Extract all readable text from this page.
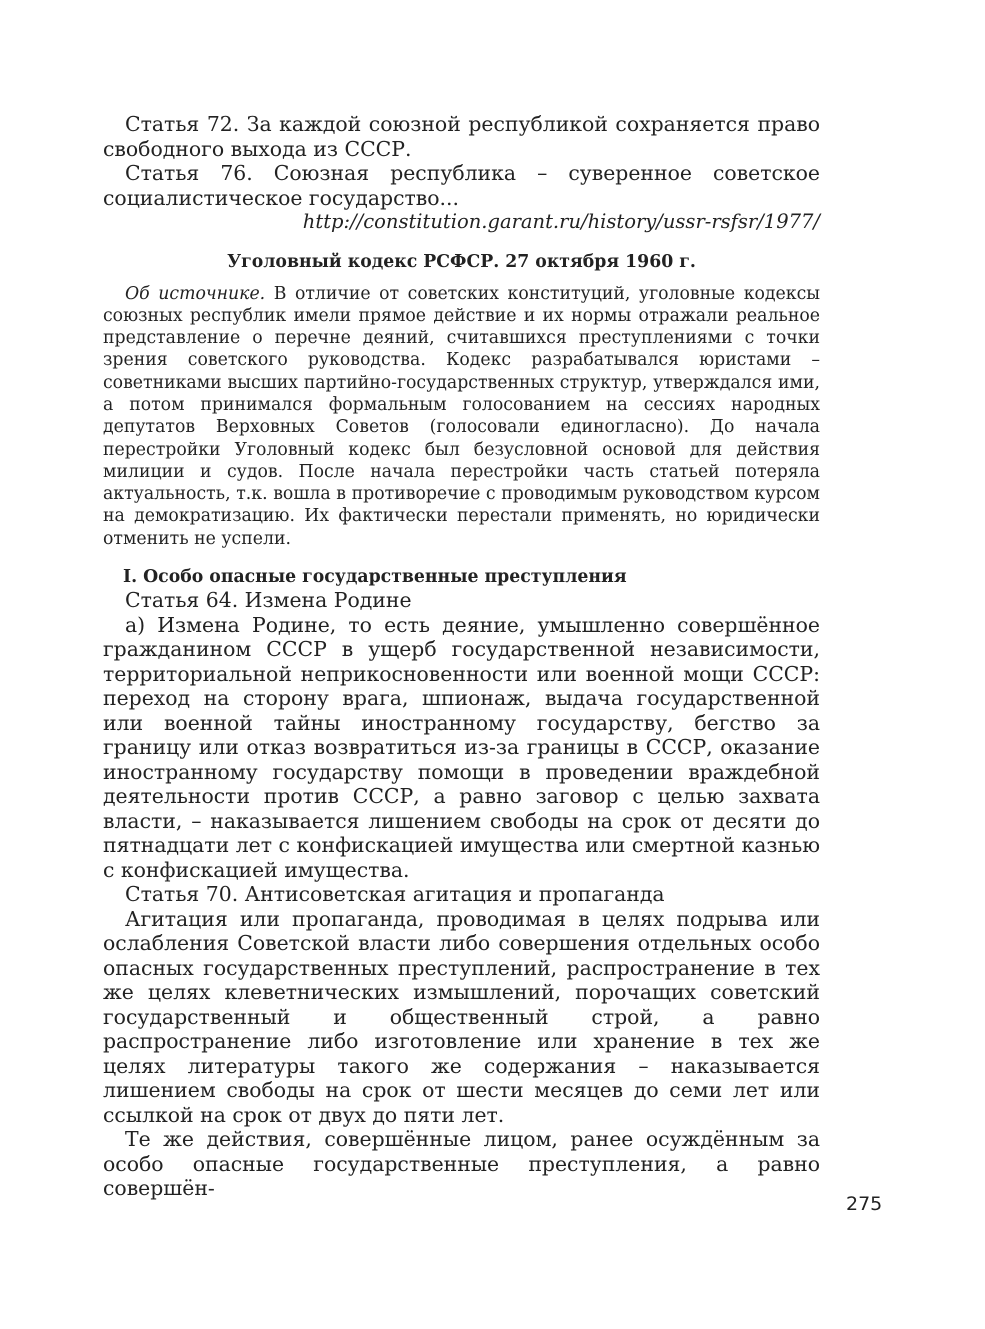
Статья 72. За каждой союзной республикой сохраняется право свободного выхода из СССР.

Статья 76. Союзная республика – суверенное советское социалистическое государство...

http://constitution.garant.ru/history/ussr-rsfsr/1977/

Уголовный кодекс РСФСР. 27 октября 1960 г.

Об источнике. В отличие от советских конституций, уголовные кодексы союзных республик имели прямое действие и их нормы отражали реальное представление о перечне деяний, считавшихся преступлениями с точки зрения советского руководства. Кодекс разрабатывался юристами – советниками высших партийно-государственных структур, утверждался ими, а потом принимался формальным голосованием на сессиях народных депутатов Верховных Советов (голосовали единогласно). До начала перестройки Уголовный кодекс был безусловной основой для действия милиции и судов. После начала перестройки часть статьей потеряла актуальность, т.к. вошла в противоречие с проводимым руководством курсом на демократизацию. Их фактически перестали применять, но юридически отменить не успели.

I. Особо опасные государственные преступления

Статья 64. Измена Родине

а) Измена Родине, то есть деяние, умышленно совершённое гражданином СССР в ущерб государственной независимости, территориальной неприкосновенности или военной мощи СССР: переход на сторону врага, шпионаж, выдача государственной или военной тайны иностранному государству, бегство за границу или отказ возвратиться из-за границы в СССР, оказание иностранному государству помощи в проведении враждебной деятельности против СССР, а равно заговор с целью захвата власти, – наказывается лишением свободы на срок от десяти до пятнадцати лет с конфискацией имущества или смертной казнью с конфискацией имущества.

Статья 70. Антисоветская агитация и пропаганда

Агитация или пропаганда, проводимая в целях подрыва или ослабления Советской власти либо совершения отдельных особо опасных государственных преступлений, распространение в тех же целях клеветнических измышлений, порочащих советский государственный и общественный строй, а равно распространение либо изготовление или хранение в тех же целях литературы такого же содержания – наказывается лишением свободы на срок от шести месяцев до семи лет или ссылкой на срок от двух до пяти лет.

Те же действия, совершённые лицом, ранее осуждённым за особо опасные государственные преступления, а равно совершён-

275
